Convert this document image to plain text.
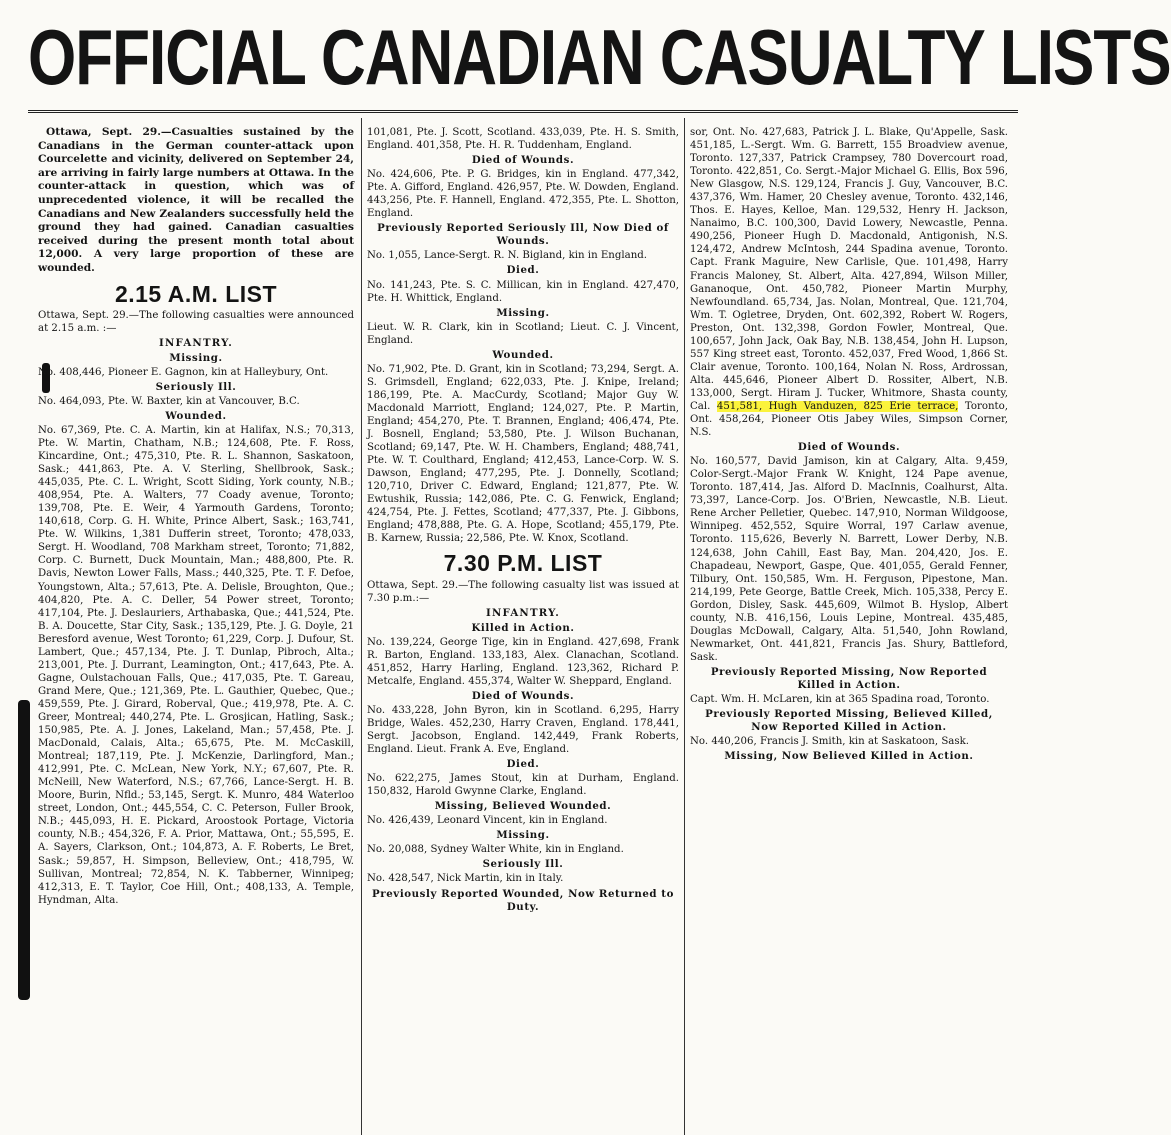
OFFICIAL CANADIAN CASUALTY LISTS

Ottawa, Sept. 29.—Casualties sustained by the Canadians in the German counter-attack upon Courcelette and vicinity, delivered on September 24, are arriving in fairly large numbers at Ottawa. In the counter-attack in question, which was of unprecedented violence, it will be recalled the Canadians and New Zealanders successfully held the ground they had gained. Canadian casualties received during the present month total about 12,000. A very large proportion of these are wounded.

2.15 A.M. LIST

Ottawa, Sept. 29.—The following casualties were announced at 2.15 a.m. :—

INFANTRY.
Missing.

No. 408,446, Pioneer E. Gagnon, kin at Halleybury, Ont.

Seriously Ill.

No. 464,093, Pte. W. Baxter, kin at Vancouver, B.C.

Wounded.

No. 67,369, Pte. C. A. Martin, kin at Halifax, N.S.; 70,313, Pte. W. Martin, Chatham, N.B.; 124,608, Pte. F. Ross, Kincardine, Ont.; 475,310, Pte. R. L. Shannon, Saskatoon, Sask.; 441,863, Pte. A. V. Sterling, Shellbrook, Sask.; 445,035, Pte. C. L. Wright, Scott Siding, York county, N.B.; 408,954, Pte. A. Walters, 77 Coady avenue, Toronto; 139,708, Pte. E. Weir, 4 Yarmouth Gardens, Toronto; 140,618, Corp. G. H. White, Prince Albert, Sask.; 163,741, Pte. W. Wilkins, 1,381 Dufferin street, Toronto; 478,033, Sergt. H. Woodland, 708 Markham street, Toronto; 71,882, Corp. C. Burnett, Duck Mountain, Man.; 488,800, Pte. R. Davis, Newton Lower Falls, Mass.; 440,325, Pte. T. F. Defoe, Youngstown, Alta.; 57,613, Pte. A. Delisle, Broughton, Que.; 404,820, Pte. A. C. Deller, 54 Power street, Toronto; 417,104, Pte. J. Deslauriers, Arthabaska, Que.; 441,524, Pte. B. A. Doucette, Star City, Sask.; 135,129, Pte. J. G. Doyle, 21 Beresford avenue, West Toronto; 61,229, Corp. J. Dufour, St. Lambert, Que.; 457,134, Pte. J. T. Dunlap, Pibroch, Alta.; 213,001, Pte. J. Durrant, Leamington, Ont.; 417,643, Pte. A. Gagne, Oulstachouan Falls, Que.; 417,035, Pte. T. Gareau, Grand Mere, Que.; 121,369, Pte. L. Gauthier, Quebec, Que.; 459,559, Pte. J. Girard, Roberval, Que.; 419,978, Pte. A. C. Greer, Montreal; 440,274, Pte. L. Grosjican, Hatling, Sask.; 150,985, Pte. A. J. Jones, Lakeland, Man.; 57,458, Pte. J. MacDonald, Calais, Alta.; 65,675, Pte. M. McCaskill, Montreal; 187,119, Pte. J. McKenzie, Darlingford, Man.; 412,991, Pte. C. McLean, New York, N.Y.; 67,607, Pte. R. McNeill, New Waterford, N.S.; 67,766, Lance-Sergt. H. B. Moore, Burin, Nfld.; 53,145, Sergt. K. Munro, 484 Waterloo street, London, Ont.; 445,554, C. C. Peterson, Fuller Brook, N.B.; 445,093, H. E. Pickard, Aroostook Portage, Victoria county, N.B.; 454,326, F. A. Prior, Mattawa, Ont.; 55,595, E. A. Sayers, Clarkson, Ont.; 104,873, A. F. Roberts, Le Bret, Sask.; 59,857, H. Simpson, Belleview, Ont.; 418,795, W. Sullivan, Montreal; 72,854, N. K. Tabberner, Winnipeg; 412,313, E. T. Taylor, Coe Hill, Ont.; 408,133, A. Temple, Hyndman, Alta.

101,081, Pte. J. Scott, Scotland. 433,039, Pte. H. S. Smith, England. 401,358, Pte. H. R. Tuddenham, England.

Died of Wounds.

No. 424,606, Pte. P. G. Bridges, kin in England. 477,342, Pte. A. Gifford, England. 426,957, Pte. W. Dowden, England. 443,256, Pte. F. Hannell, England. 472,355, Pte. L. Shotton, England.

Previously Reported Seriously Ill, Now Died of Wounds.

No. 1,055, Lance-Sergt. R. N. Bigland, kin in England.

Died.

No. 141,243, Pte. S. C. Millican, kin in England. 427,470, Pte. H. Whittick, England.

Missing.

Lieut. W. R. Clark, kin in Scotland; Lieut. C. J. Vincent, England.

Wounded.

No. 71,902, Pte. D. Grant, kin in Scotland; 73,294, Sergt. A. S. Grimsdell, England; 622,033, Pte. J. Knipe, Ireland; 186,199, Pte. A. MacCurdy, Scotland; Major Guy W. Macdonald Marriott, England; 124,027, Pte. P. Martin, England; 454,270, Pte. T. Brannen, England; 406,474, Pte. J. Bosnell, England; 53,580, Pte. J. Wilson Buchanan, Scotland; 69,147, Pte. W. H. Chambers, England; 488,741, Pte. W. T. Coulthard, England; 412,453, Lance-Corp. W. S. Dawson, England; 477,295, Pte. J. Donnelly, Scotland; 120,710, Driver C. Edward, England; 121,877, Pte. W. Ewtushik, Russia; 142,086, Pte. C. G. Fenwick, England; 424,754, Pte. J. Fettes, Scotland; 477,337, Pte. J. Gibbons, England; 478,888, Pte. G. A. Hope, Scotland; 455,179, Pte. B. Karnew, Russia; 22,586, Pte. W. Knox, Scotland.

7.30 P.M. LIST

Ottawa, Sept. 29.—The following casualty list was issued at 7.30 p.m.:—

INFANTRY.
Killed in Action.

No. 139,224, George Tige, kin in England. 427,698, Frank R. Barton, England. 133,183, Alex. Clanachan, Scotland. 451,852, Harry Harling, England. 123,362, Richard P. Metcalfe, England. 455,374, Walter W. Sheppard, England.

Died of Wounds.

No. 433,228, John Byron, kin in Scotland. 6,295, Harry Bridge, Wales. 452,230, Harry Craven, England. 178,441, Sergt. Jacobson, England. 142,449, Frank Roberts, England. Lieut. Frank A. Eve, England.

Died.

No. 622,275, James Stout, kin at Durham, England. 150,832, Harold Gwynne Clarke, England.

Missing, Believed Wounded.

No. 426,439, Leonard Vincent, kin in England.

Missing.

No. 20,088, Sydney Walter White, kin in England.

Seriously Ill.

No. 428,547, Nick Martin, kin in Italy.

Previously Reported Wounded, Now Returned to Duty.

sor, Ont. No. 427,683, Patrick J. L. Blake, Qu'Appelle, Sask. 451,185, L.-Sergt. Wm. G. Barrett, 155 Broadview avenue, Toronto. 127,337, Patrick Crampsey, 780 Dovercourt road, Toronto. 422,851, Co. Sergt.-Major Michael G. Ellis, Box 596, New Glasgow, N.S. 129,124, Francis J. Guy, Vancouver, B.C. 437,376, Wm. Hamer, 20 Chesley avenue, Toronto. 432,146, Thos. E. Hayes, Kelloe, Man. 129,532, Henry H. Jackson, Nanaimo, B.C. 100,300, David Lowery, Newcastle, Penna. 490,256, Pioneer Hugh D. Macdonald, Antigonish, N.S. 124,472, Andrew McIntosh, 244 Spadina avenue, Toronto. Capt. Frank Maguire, New Carlisle, Que. 101,498, Harry Francis Maloney, St. Albert, Alta. 427,894, Wilson Miller, Gananoque, Ont. 450,782, Pioneer Martin Murphy, Newfoundland. 65,734, Jas. Nolan, Montreal, Que. 121,704, Wm. T. Ogletree, Dryden, Ont. 602,392, Robert W. Rogers, Preston, Ont. 132,398, Gordon Fowler, Montreal, Que. 100,657, John Jack, Oak Bay, N.B. 138,454, John H. Lupson, 557 King street east, Toronto. 452,037, Fred Wood, 1,866 St. Clair avenue, Toronto. 100,164, Nolan N. Ross, Ardrossan, Alta. 445,646, Pioneer Albert D. Rossiter, Albert, N.B. 133,000, Sergt. Hiram J. Tucker, Whitmore, Shasta county, Cal. 451,581, Hugh Vanduzen, 825 Erie terrace, Toronto, Ont. 458,264, Pioneer Otis Jabey Wiles, Simpson Corner, N.S.

Died of Wounds.

No. 160,577, David Jamison, kin at Calgary, Alta. 9,459, Color-Sergt.-Major Frank W. Knight, 124 Pape avenue, Toronto. 187,414, Jas. Alford D. MacInnis, Coalhurst, Alta. 73,397, Lance-Corp. Jos. O'Brien, Newcastle, N.B. Lieut. Rene Archer Pelletier, Quebec. 147,910, Norman Wildgoose, Winnipeg. 452,552, Squire Worral, 197 Carlaw avenue, Toronto. 115,626, Beverly N. Barrett, Lower Derby, N.B. 124,638, John Cahill, East Bay, Man. 204,420, Jos. E. Chapadeau, Newport, Gaspe, Que. 401,055, Gerald Fenner, Tilbury, Ont. 150,585, Wm. H. Ferguson, Pipestone, Man. 214,199, Pete George, Battle Creek, Mich. 105,338, Percy E. Gordon, Disley, Sask. 445,609, Wilmot B. Hyslop, Albert county, N.B. 416,156, Louis Lepine, Montreal. 435,485, Douglas McDowall, Calgary, Alta. 51,540, John Rowland, Newmarket, Ont. 441,821, Francis Jas. Shury, Battleford, Sask.

Previously Reported Missing, Now Reported Killed in Action.

Capt. Wm. H. McLaren, kin at 365 Spadina road, Toronto.

Previously Reported Missing, Believed Killed, Now Reported Killed in Action.

No. 440,206, Francis J. Smith, kin at Saskatoon, Sask.

Missing, Now Believed Killed in Action.
